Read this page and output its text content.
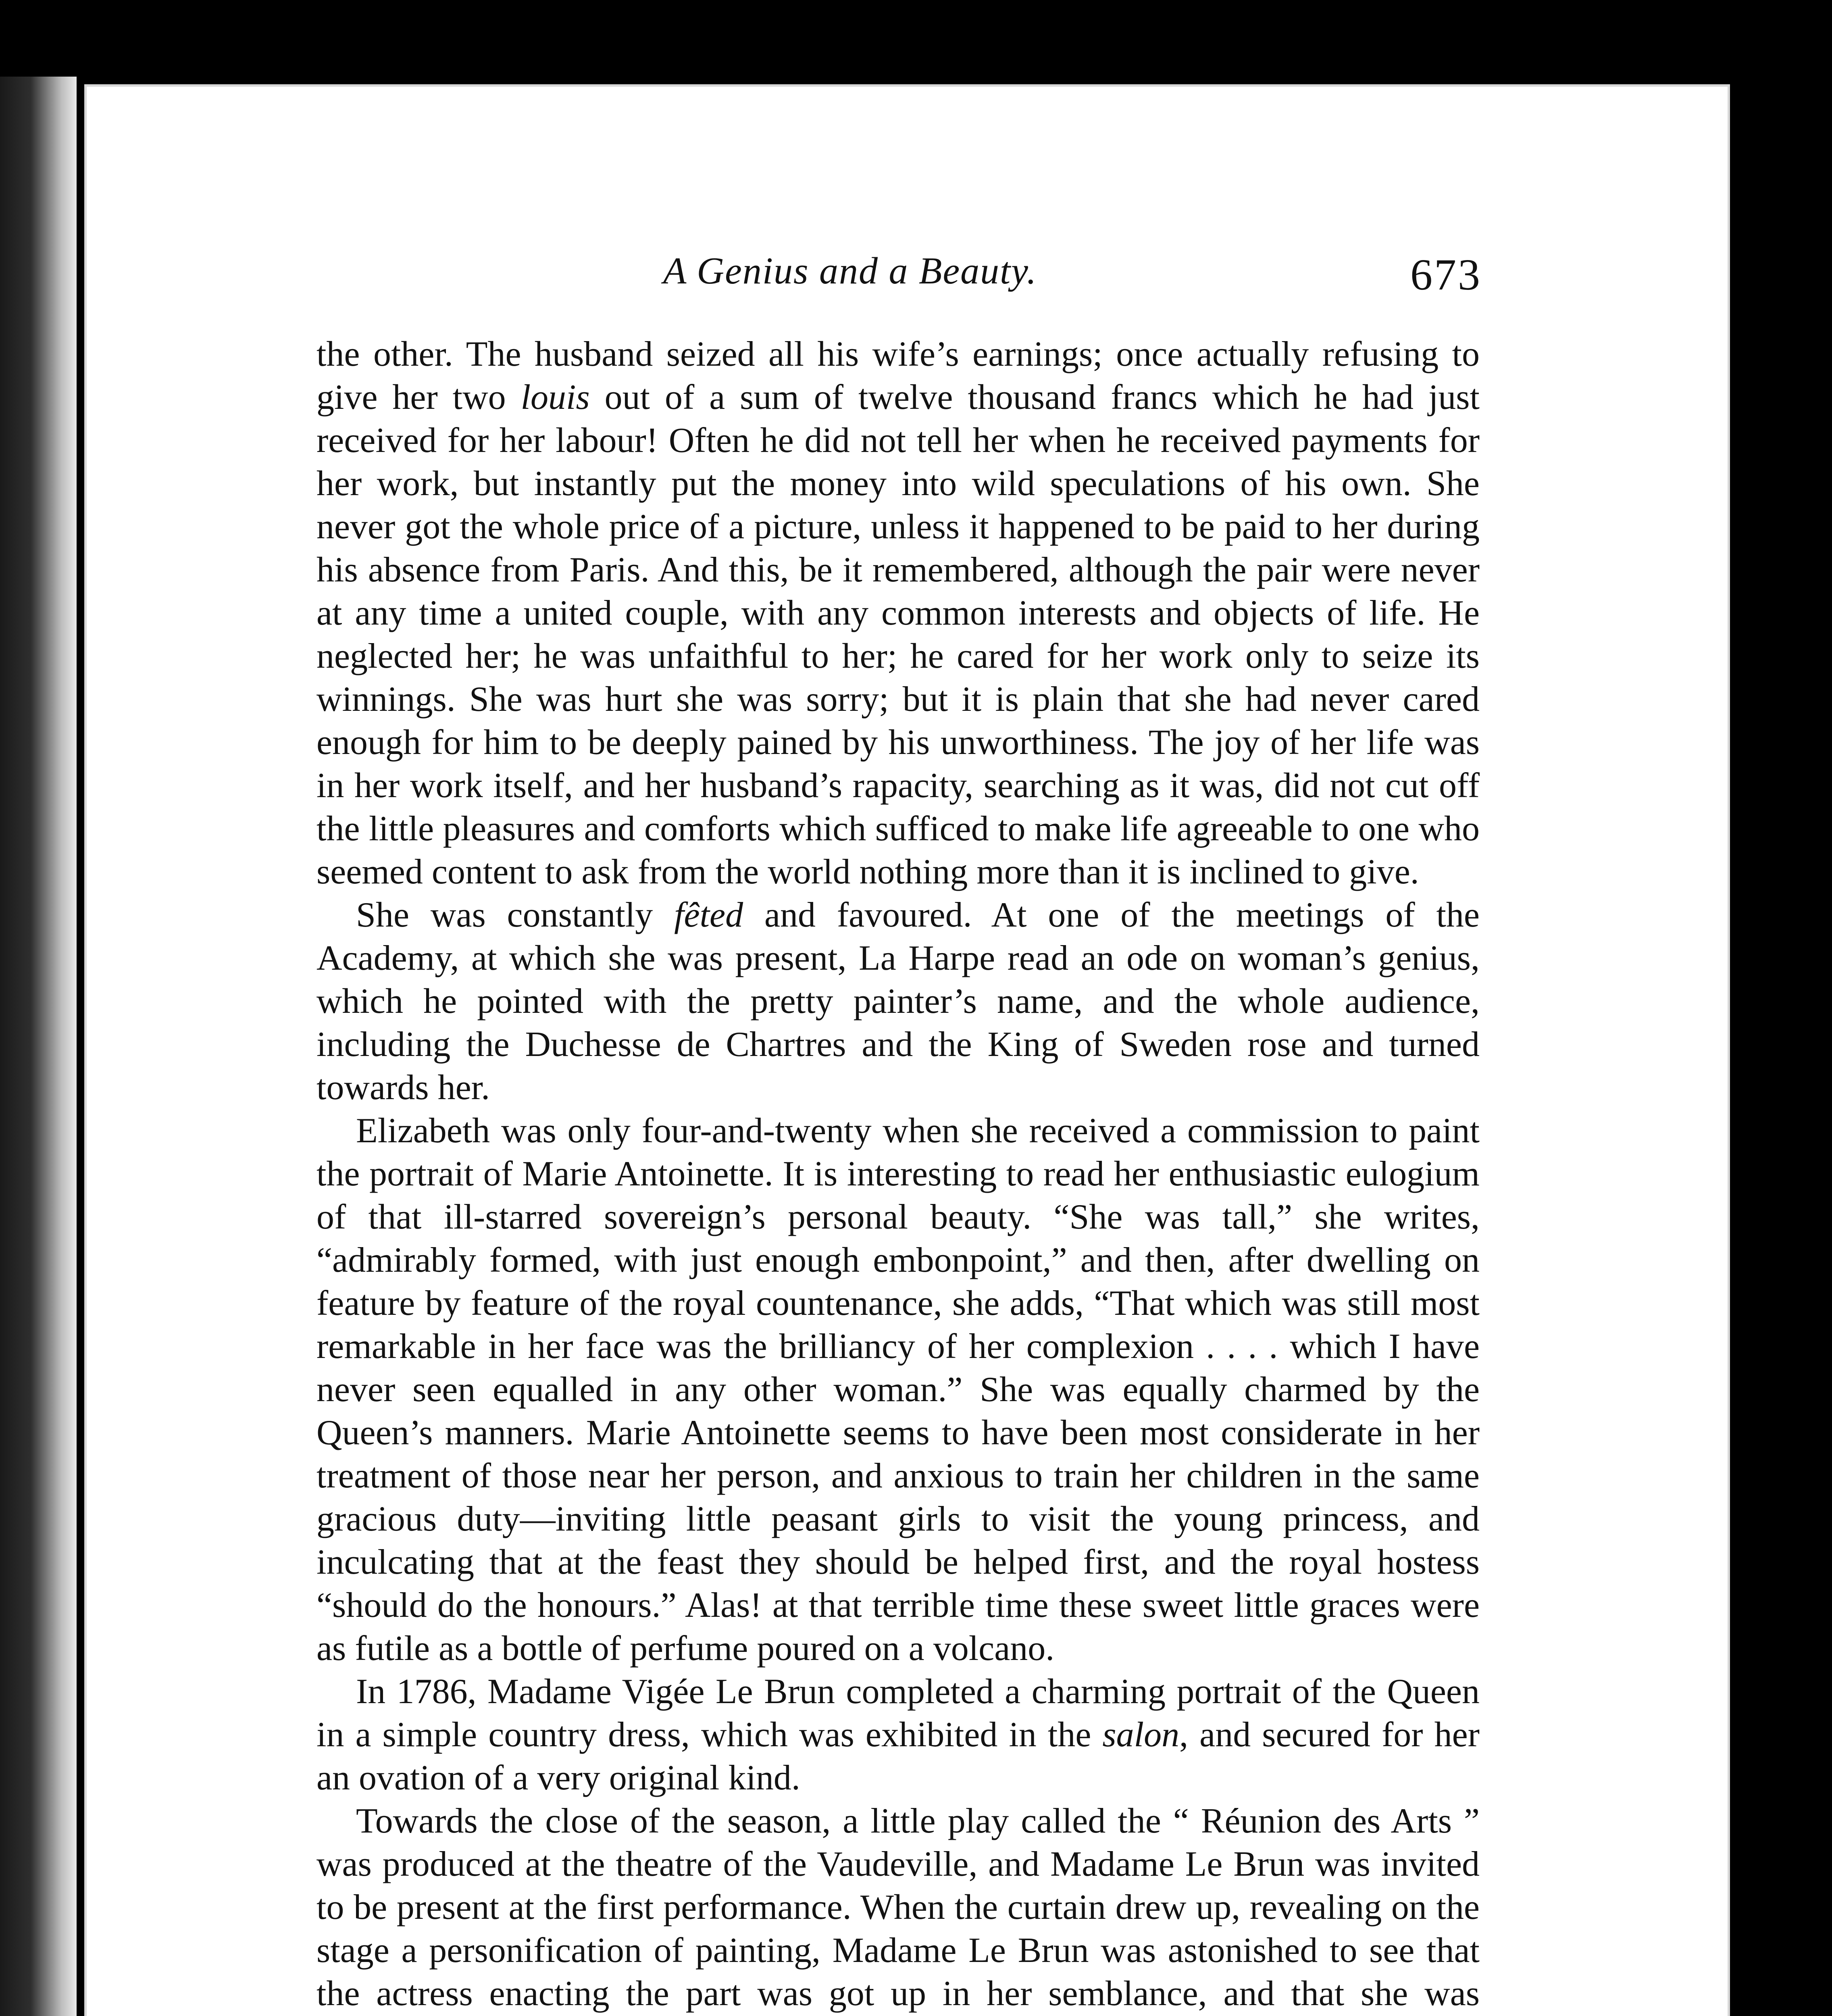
A Genius and a Beauty.	673

the other. The husband seized all his wife’s earnings; once actually refusing to give her two louis out of a sum of twelve thousand francs which he had just received for her labour! Often he did not tell her when he received payments for her work, but instantly put the money into wild speculations of his own. She never got the whole price of a picture, unless it happened to be paid to her during his absence from Paris. And this, be it remembered, although the pair were never at any time a united couple, with any common interests and objects of life. He neglected her; he was unfaithful to her; he cared for her work only to seize its winnings. She was hurt she was sorry; but it is plain that she had never cared enough for him to be deeply pained by his unworthiness. The joy of her life was in her work itself, and her husband’s rapacity, searching as it was, did not cut off the little pleasures and comforts which sufficed to make life agreeable to one who seemed content to ask from the world nothing more than it is inclined to give.

She was constantly fêted and favoured. At one of the meetings of the Academy, at which she was present, La Harpe read an ode on woman’s genius, which he pointed with the pretty painter’s name, and the whole audience, including the Duchesse de Chartres and the King of Sweden rose and turned towards her.

Elizabeth was only four-and-twenty when she received a commission to paint the portrait of Marie Antoinette. It is interesting to read her enthusiastic eulogium of that ill-starred sovereign’s personal beauty. “She was tall,” she writes, “admirably formed, with just enough embonpoint,” and then, after dwelling on feature by feature of the royal countenance, she adds, “That which was still most remarkable in her face was the brilliancy of her complexion . . . . which I have never seen equalled in any other woman.” She was equally charmed by the Queen’s manners. Marie Antoinette seems to have been most considerate in her treatment of those near her person, and anxious to train her children in the same gracious duty—inviting little peasant girls to visit the young princess, and inculcating that at the feast they should be helped first, and the royal hostess “should do the honours.” Alas! at that terrible time these sweet little graces were as futile as a bottle of perfume poured on a volcano.

In 1786, Madame Vigée Le Brun completed a charming portrait of the Queen in a simple country dress, which was exhibited in the salon, and secured for her an ovation of a very original kind.

Towards the close of the season, a little play called the “ Réunion des Arts ” was produced at the theatre of the Vaudeville, and Madame Le Brun was invited to be present at the first performance. When the curtain drew up, revealing on the stage a personification of painting, Madame Le Brun was astonished to see that the actress enacting the part was got up in her semblance, and that she was
